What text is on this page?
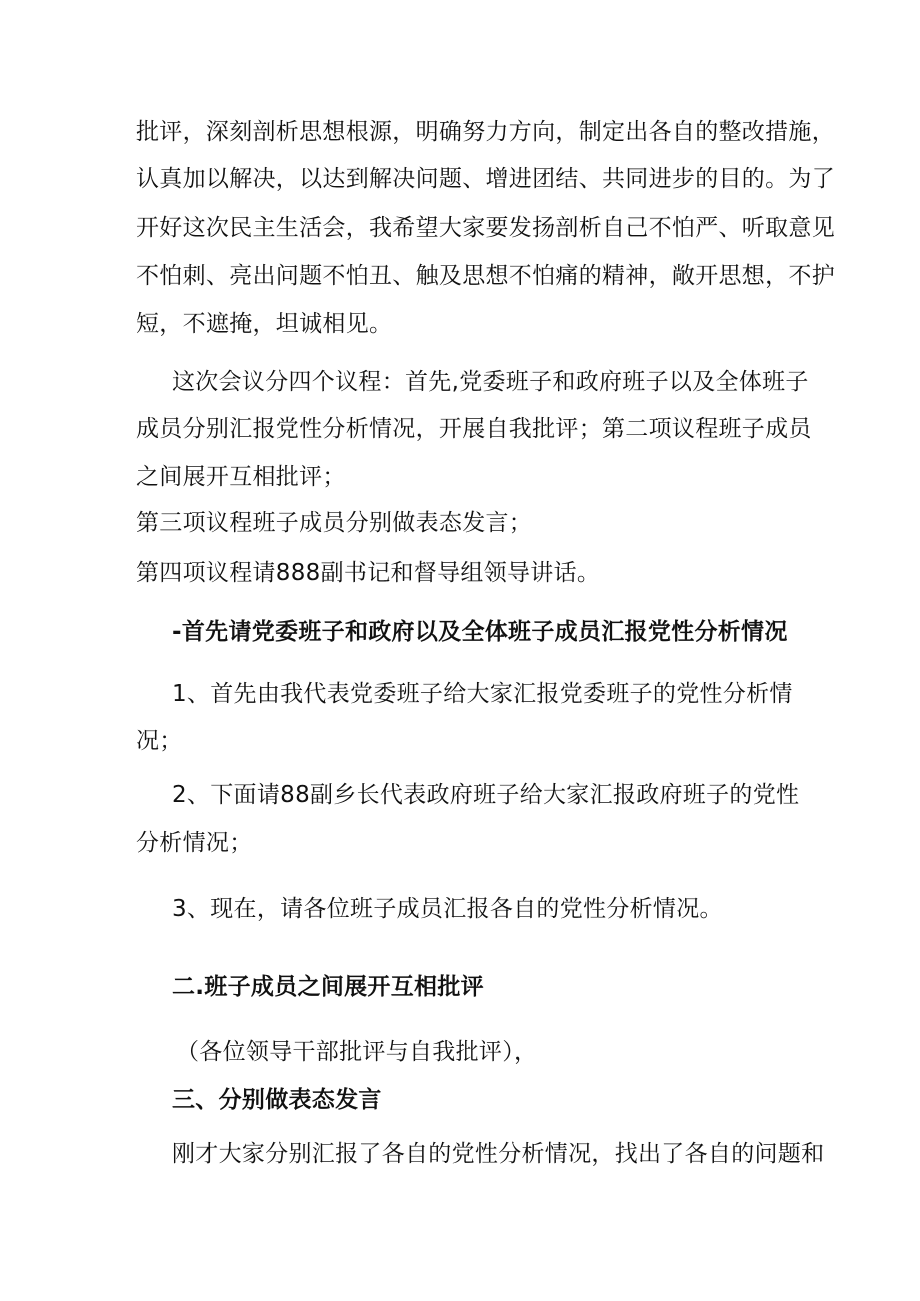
批评，深刻剖析思想根源，明确努力方向，制定出各自的整改措施，
认真加以解决，以达到解决问题、增进团结、共同进步的目的。为了
开好这次民主生活会，我希望大家要发扬剖析自己不怕严、听取意见
不怕刺、亮出问题不怕丑、触及思想不怕痛的精神，敞开思想，不护
短，不遮掩，坦诚相见。
这次会议分四个议程：首先,党委班子和政府班子以及全体班子
成员分别汇报党性分析情况，开展自我批评；第二项议程班子成员
之间展开互相批评；
第三项议程班子成员分别做表态发言；
第四项议程请888副书记和督导组领导讲话。
-首先请党委班子和政府以及全体班子成员汇报党性分析情况
1、首先由我代表党委班子给大家汇报党委班子的党性分析情
况；
2、下面请88副乡长代表政府班子给大家汇报政府班子的党性
分析情况；
3、现在，请各位班子成员汇报各自的党性分析情况。
二.班子成员之间展开互相批评
（各位领导干部批评与自我批评），
三、分别做表态发言
刚才大家分别汇报了各自的党性分析情况，找出了各自的问题和
